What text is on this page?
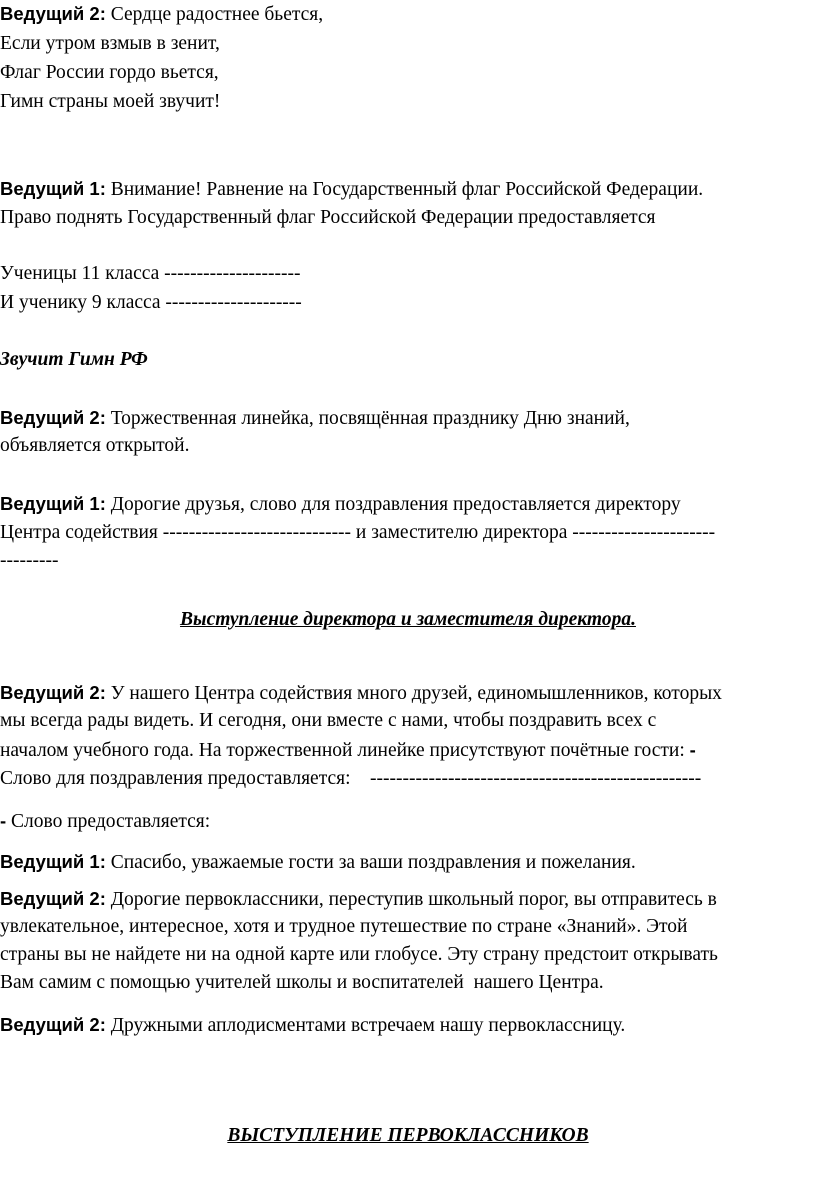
Ведущий 2: Сердце радостнее бьется,
Если утром взмыв в зенит,
Флаг России гордо вьется,
Гимн страны моей звучит!
Ведущий 1: Внимание! Равнение на Государственный флаг Российской Федерации.
Право поднять Государственный флаг Российской Федерации предоставляется
Ученицы 11 класса ---------------------
И ученику 9 класса ---------------------
Звучит Гимн РФ
Ведущий 2: Торжественная линейка, посвящённая празднику Дню знаний,
объявляется открытой.
Ведущий 1: Дорогие друзья, слово для поздравления предоставляется директору
Центра содействия ----------------------------- и заместителю директора ----------------------
---------
Выступление директора и заместителя директора.
Ведущий 2: У нашего Центра содействия много друзей, единомышленников, которых
мы всегда рады видеть. И сегодня, они вместе с нами, чтобы поздравить всех с
началом учебного года. На торжественной линейке присутствуют почётные гости: -
Слово для поздравления предоставляется:    ---------------------------------------------------
- Слово предоставляется:
Ведущий 1: Спасибо, уважаемые гости за ваши поздравления и пожелания.
Ведущий 2: Дорогие первоклассники, переступив школьный порог, вы отправитесь в
увлекательное, интересное, хотя и трудное путешествие по стране «Знаний». Этой
страны вы не найдете ни на одной карте или глобусе. Эту страну предстоит открывать
Вам самим с помощью учителей школы и воспитателей  нашего Центра.
Ведущий 2: Дружными аплодисментами встречаем нашу первоклассницу.
ВЫСТУПЛЕНИЕ ПЕРВОКЛАССНИКОВ
